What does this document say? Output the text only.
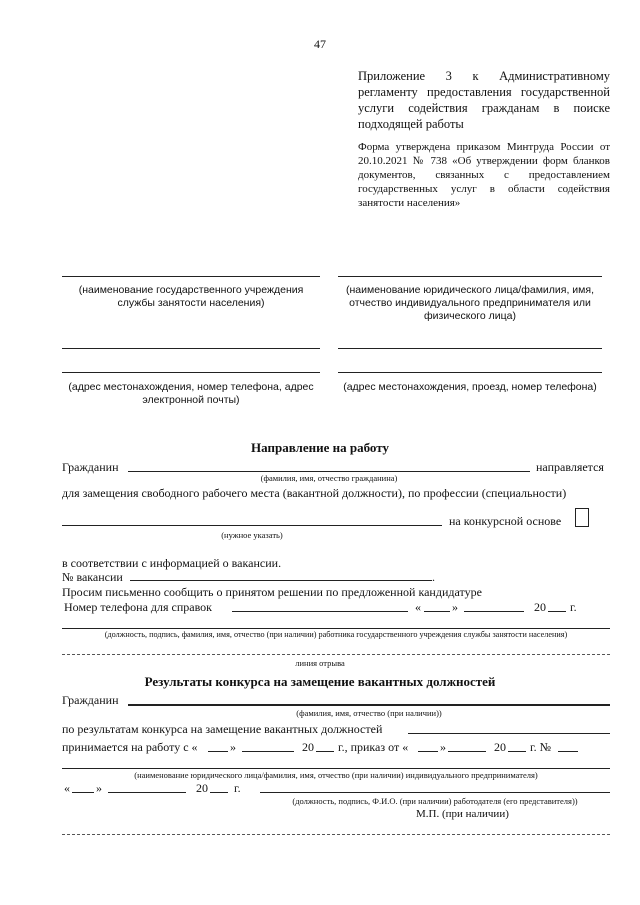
47
Приложение 3 к Административному регламенту предоставления государственной услуги содействия гражданам в поиске подходящей работы
Форма утверждена приказом Минтруда России от 20.10.2021 № 738 «Об утверждении форм бланков документов, связанных с предоставлением государственных услуг в области содействия занятости населения»
(наименование государственного учреждения службы занятости населения)
(наименование юридического лица/фамилия, имя, отчество индивидуального предпринимателя или физического лица)
(адрес местонахождения, номер телефона, адрес электронной почты)
(адрес местонахождения, проезд, номер телефона)
Направление на работу
Гражданин	направляется
(фамилия, имя, отчество гражданина)
для замещения свободного рабочего места (вакантной должности), по профессии (специальности)
на конкурсной основе
(нужное указать)
в соответствии с информацией о вакансии.
№ вакансии	.
Просим письменно сообщить о принятом решении по предложенной кандидатуре
Номер телефона для справок	«	»	20 г.
(должность, подпись, фамилия, имя, отчество (при наличии) работника государственного учреждения службы занятости населения)
линия отрыва
Результаты конкурса на замещение вакантных должностей
Гражданин
(фамилия, имя, отчество (при наличии))
по результатам конкурса на замещение вакантных должностей
принимается на работу с «	»	20 г., приказ от «	»	20 г. №
(наименование юридического лица/фамилия, имя, отчество (при наличии) индивидуального предпринимателя)
« »	20 г.
(должность, подпись, Ф.И.О. (при наличии) работодателя (его представителя))
М.П. (при наличии)
